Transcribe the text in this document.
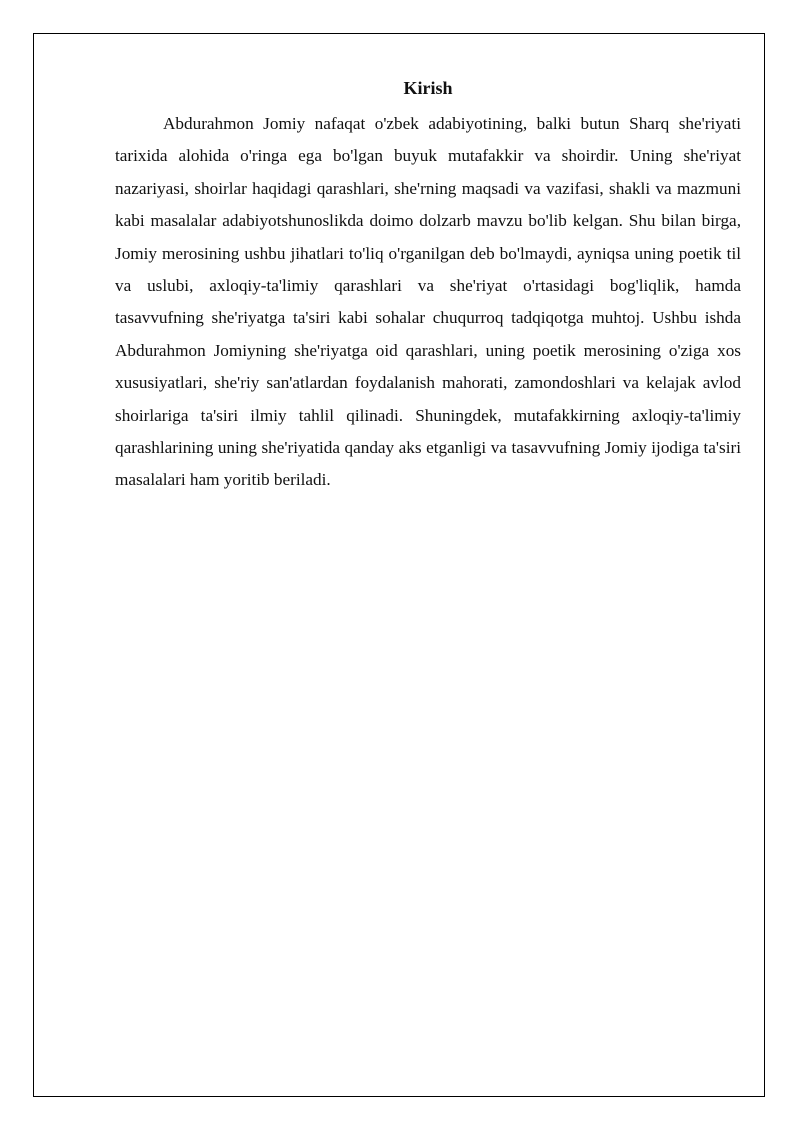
Kirish

Abdurahmon Jomiy nafaqat o'zbek adabiyotining, balki butun Sharq she'riyati tarixida alohida o'ringa ega bo'lgan buyuk mutafakkir va shoirdir. Uning she'riyat nazariyasi, shoirlar haqidagi qarashlari, she'rning maqsadi va vazifasi, shakli va mazmuni kabi masalalar adabiyotshunoslikda doimo dolzarb mavzu bo'lib kelgan. Shu bilan birga, Jomiy merosining ushbu jihatlari to'liq o'rganilgan deb bo'lmaydi, ayniqsa uning poetik til va uslubi, axloqiy-ta'limiy qarashlari va she'riyat o'rtasidagi bog'liqlik, hamda tasavvufning she'riyatga ta'siri kabi sohalar chuqurroq tadqiqotga muhtoj. Ushbu ishda Abdurahmon Jomiyning she'riyatga oid qarashlari, uning poetik merosining o'ziga xos xususiyatlari, she'riy san'atlardan foydalanish mahorati, zamondoshlari va kelajak avlod shoirlariga ta'siri ilmiy tahlil qilinadi. Shuningdek, mutafakkirning axloqiy-ta'limiy qarashlarining uning she'riyatida qanday aks etganligi va tasavvufning Jomiy ijodiga ta'siri masalalari ham yoritib beriladi.
